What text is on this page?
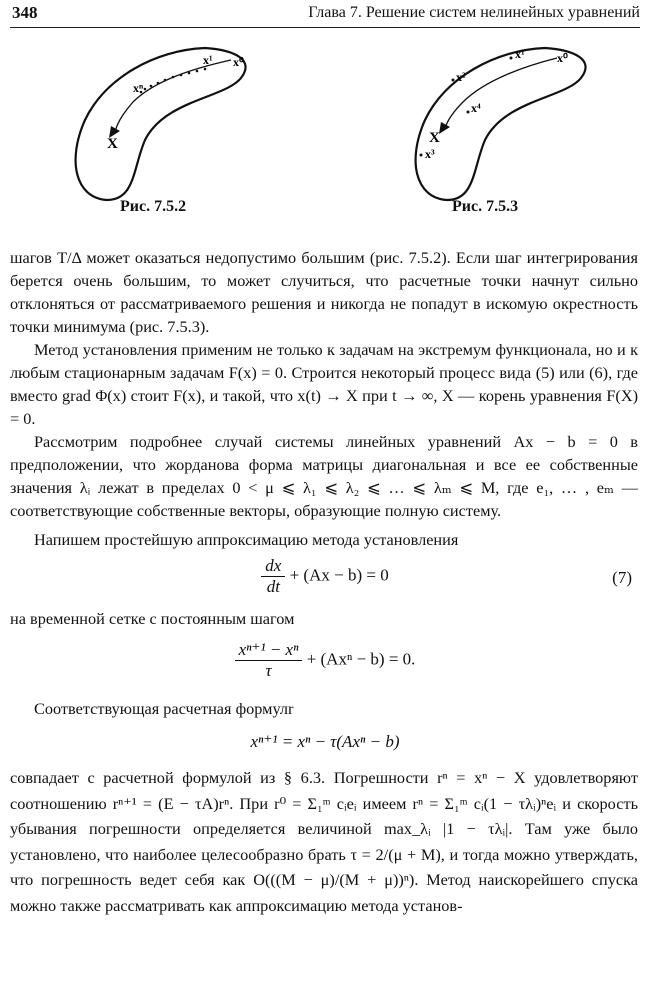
348	Глава 7. Решение систем нелинейных уравнений
x⁰
x¹
xⁿ
X
Рис. 7.5.2
x⁰
x¹
x²
x³
x⁴
X
Рис. 7.5.3

шагов T/Δ может оказаться недопустимо большим (рис. 7.5.2). Если шаг интегрирования берется очень большим, то может случиться, что расчетные точки начнут сильно отклоняться от рассматриваемого решения и никогда не попадут в искомую окрестность точки минимума (рис. 7.5.3).

Метод установления применим не только к задачам на экстремум функционала, но и к любым стационарным задачам F(x) = 0. Строится некоторый процесс вида (5) или (6), где вместо grad Φ(x) стоит F(x), и такой, что x(t) → X при t → ∞, X — корень уравнения F(X) = 0.

Рассмотрим подробнее случай системы линейных уравнений Ax − b = 0 в предположении, что жорданова форма матрицы диагональная и все ее собственные значения λᵢ лежат в пределах 0 < μ ⩽ λ₁ ⩽ λ₂ ⩽ … ⩽ λₘ ⩽ M, где e₁, … , eₘ — соответствующие собственные векторы, образующие полную систему.

Напишем простейшую аппроксимацию метода установления

$\frac{dx}{dt} + (Ax - b) = 0$	(7)

на временной сетке с постоянным шагом

$\frac{\text{xⁿ⁺¹ − xⁿ}}{\tau} + (Ax^n - b) = 0$.

Соответствующая расчетная формулr

xⁿ⁺¹ = xⁿ − τ(Axⁿ − b)

совпадает с расчетной формулой из § 6.3. Погрешности rⁿ = xⁿ − X удовлетворяют соотношению rⁿ⁺¹ = (E − τA)rⁿ. При r⁰ = Σ₁ᵐ cᵢeᵢ имеем rⁿ = Σ₁ᵐ cᵢ(1 − τλᵢ)ⁿeᵢ и скорость убывания погрешности определяется величиной max_λᵢ |1 − τλᵢ|. Там уже было установлено, что наиболее целесообразно брать τ = 2/(μ + M), и тогда можно утверждать, что погрешность ведет себя как O(((M − μ)/(M + μ))ⁿ). Метод наискорейшего спуска можно также рассматривать как аппроксимацию метода установ-
